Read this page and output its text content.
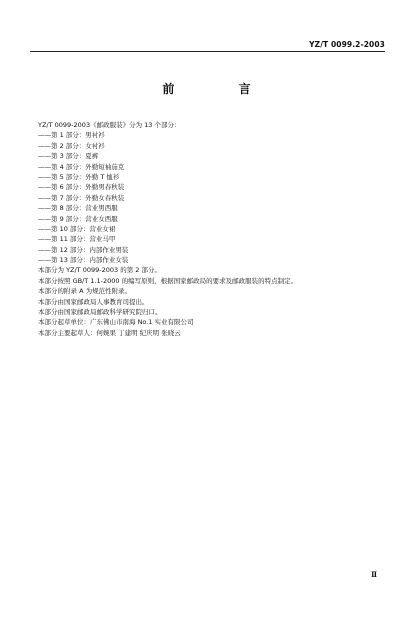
YZ/T 0099.2-2003
前 言
YZ/T 0099-2003《邮政服装》分为 13 个部分：
——第 1 部分：男衬衫
——第 2 部分：女衬衫
——第 3 部分：夏裤
——第 4 部分：外勤短袖茄克
——第 5 部分：外勤 T 恤衫
——第 6 部分：外勤男春秋装
——第 7 部分：外勤女春秋装
——第 8 部分：营业男西服
——第 9 部分：营业女西服
——第 10 部分：营业女裙
——第 11 部分：营业马甲
——第 12 部分：内部作业男装
——第 13 部分：内部作业女装
本部分为 YZ/T 0099-2003 的第 2 部分。
本部分按照 GB/T 1.1-2000 的编写原则，根据国家邮政局的要求及邮政服装的特点制定。
本部分的附录 A 为规范性附录。
本部分由国家邮政局人事教育司提出。
本部分由国家邮政局邮政科学研究院归口。
本部分起草单位：广东佛山市南海 No.1 实业有限公司
本部分主要起草人：何婉果 丁建明 纪庆明 张晓云
Ⅱ
